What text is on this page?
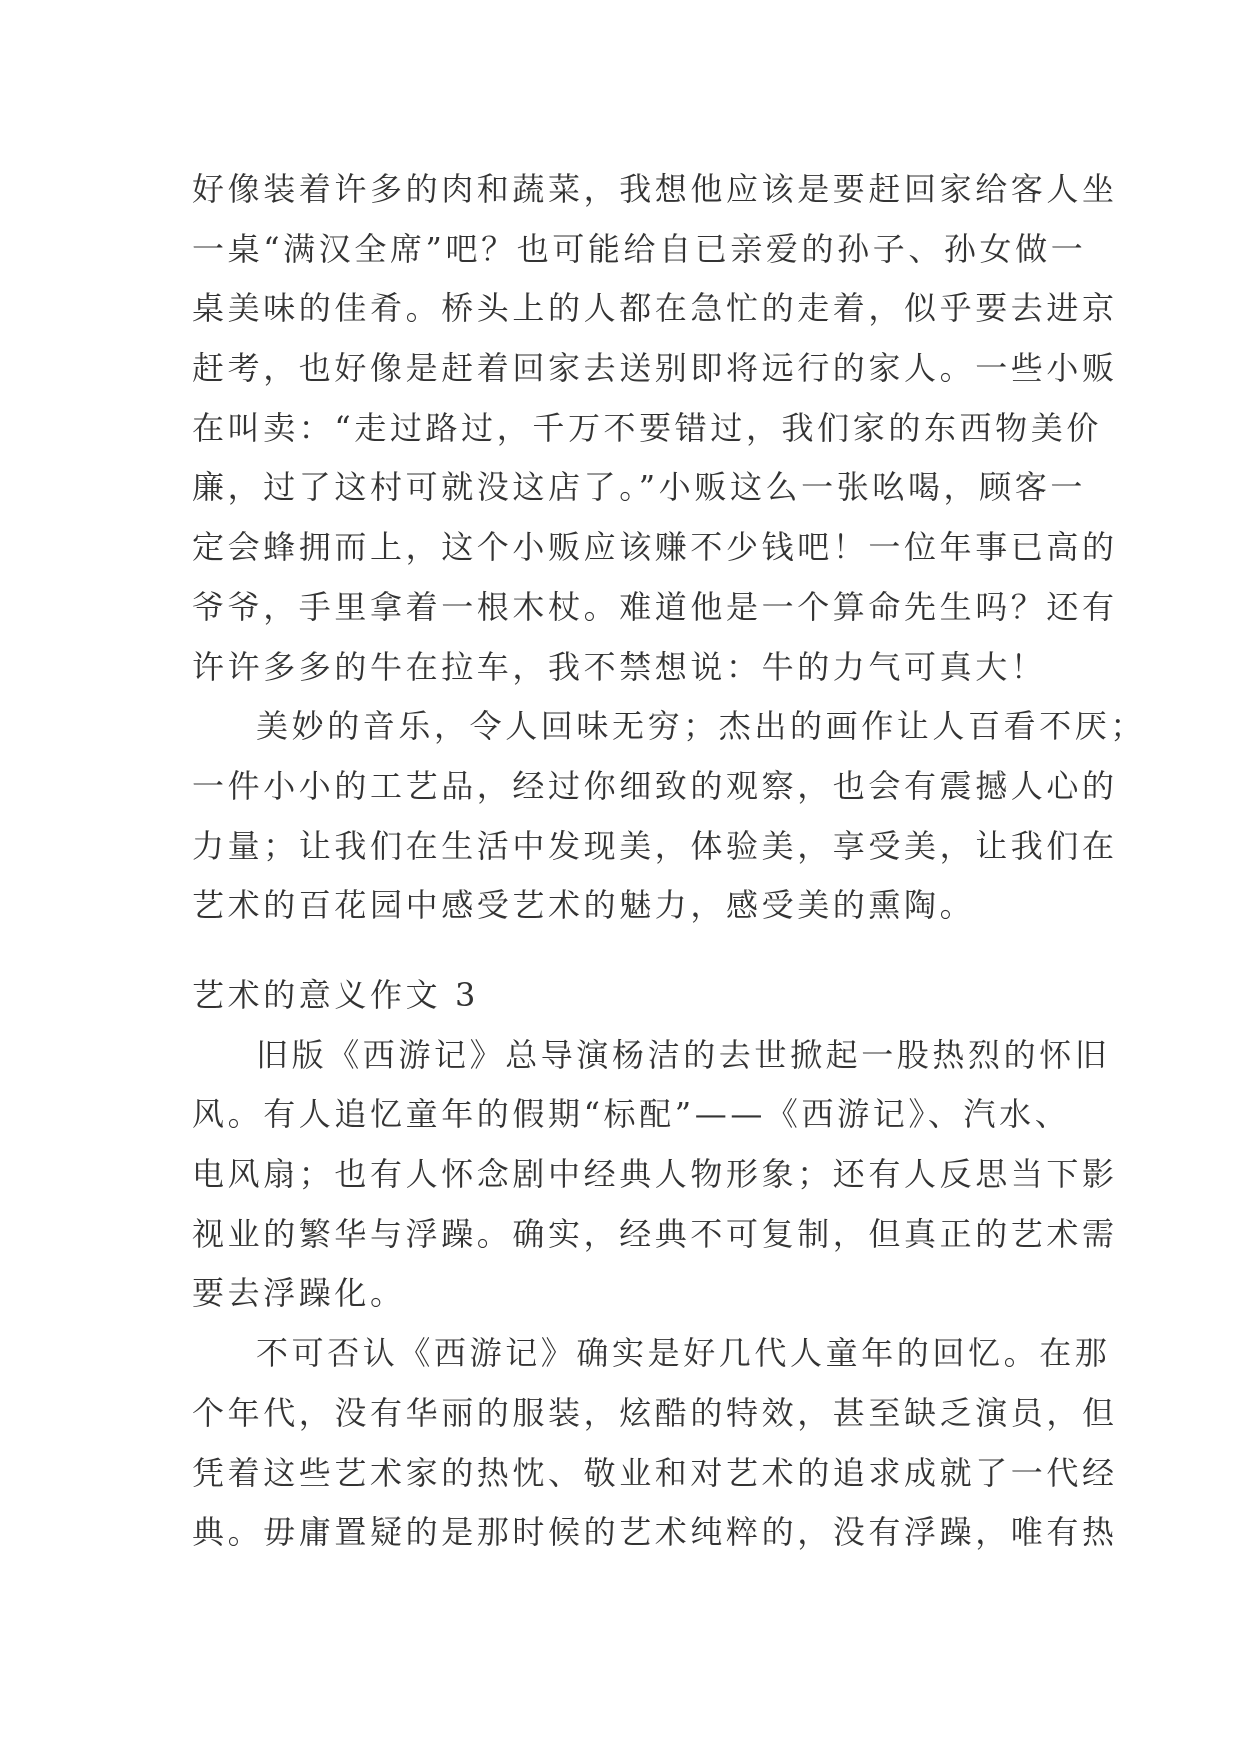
好像装着许多的肉和蔬菜，我想他应该是要赶回家给客人坐
一桌“满汉全席”吧？也可能给自已亲爱的孙子、孙女做一
桌美味的佳肴。桥头上的人都在急忙的走着，似乎要去进京
赶考，也好像是赶着回家去送别即将远行的家人。一些小贩
在叫卖：“走过路过，千万不要错过，我们家的东西物美价
廉，过了这村可就没这店了。”小贩这么一张吆喝，顾客一
定会蜂拥而上，这个小贩应该赚不少钱吧！一位年事已高的
爷爷，手里拿着一根木杖。难道他是一个算命先生吗？还有
许许多多的牛在拉车，我不禁想说：牛的力气可真大！
美妙的音乐，令人回味无穷；杰出的画作让人百看不厌；
一件小小的工艺品，经过你细致的观察，也会有震撼人心的
力量；让我们在生活中发现美，体验美，享受美，让我们在
艺术的百花园中感受艺术的魅力，感受美的熏陶。
艺术的意义作文 3
旧版《西游记》总导演杨洁的去世掀起一股热烈的怀旧
风。有人追忆童年的假期“标配”——《西游记》、汽水、
电风扇；也有人怀念剧中经典人物形象；还有人反思当下影
视业的繁华与浮躁。确实，经典不可复制，但真正的艺术需
要去浮躁化。
不可否认《西游记》确实是好几代人童年的回忆。在那
个年代，没有华丽的服装，炫酷的特效，甚至缺乏演员，但
凭着这些艺术家的热忱、敬业和对艺术的追求成就了一代经
典。毋庸置疑的是那时候的艺术纯粹的，没有浮躁，唯有热
